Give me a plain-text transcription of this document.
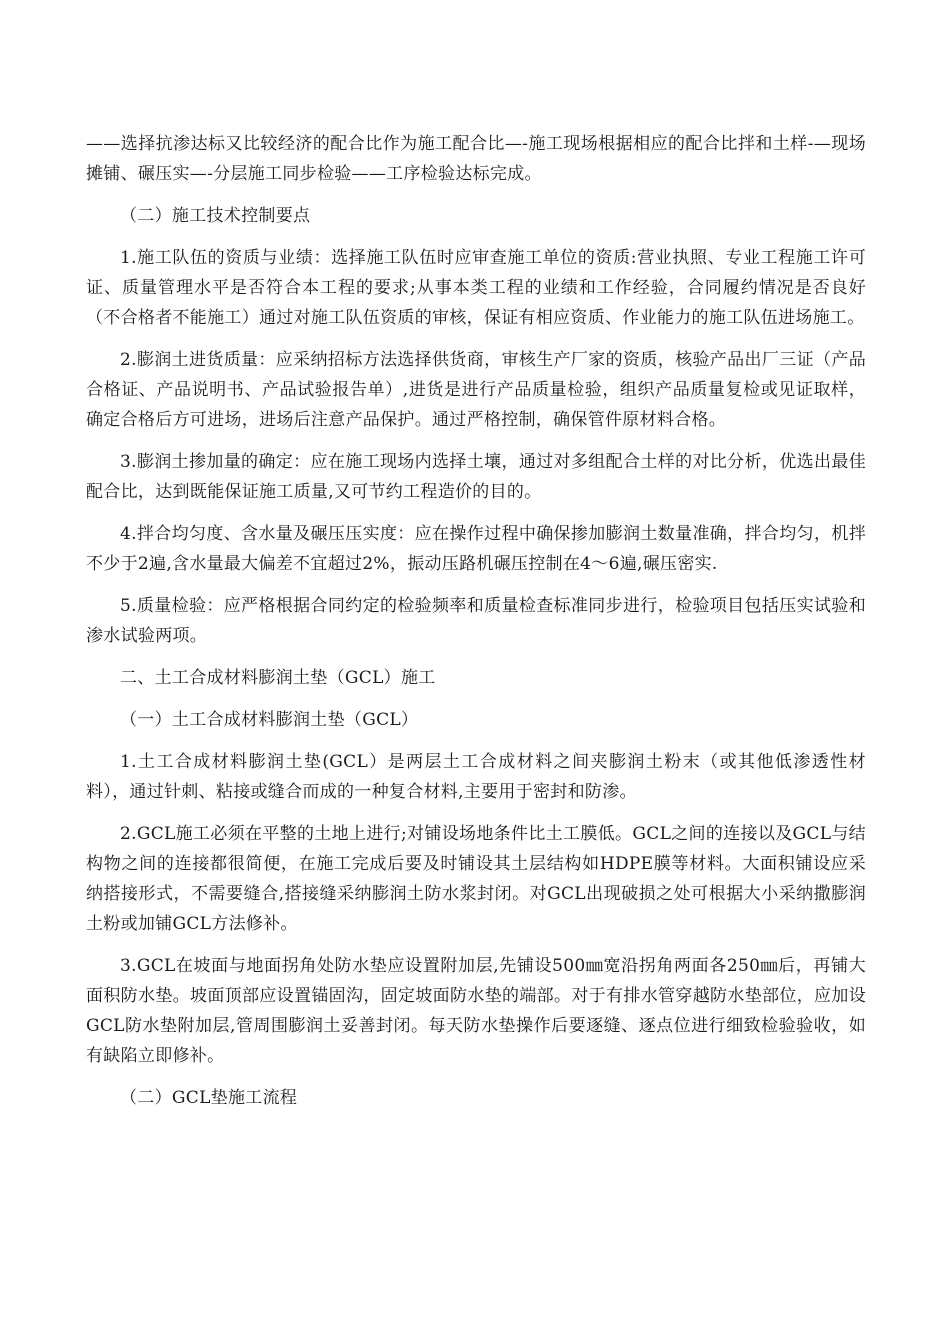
——选择抗渗达标又比较经济的配合比作为施工配合比—-施工现场根据相应的配合比拌和土样-—现场摊铺、碾压实—-分层施工同步检验——工序检验达标完成。

（二）施工技术控制要点

1.施工队伍的资质与业绩：选择施工队伍时应审查施工单位的资质:营业执照、专业工程施工许可证、质量管理水平是否符合本工程的要求;从事本类工程的业绩和工作经验，合同履约情况是否良好（不合格者不能施工）通过对施工队伍资质的审核，保证有相应资质、作业能力的施工队伍进场施工。

2.膨润土进货质量：应采纳招标方法选择供货商，审核生产厂家的资质，核验产品出厂三证（产品合格证、产品说明书、产品试验报告单）,进货是进行产品质量检验，组织产品质量复检或见证取样，确定合格后方可进场，进场后注意产品保护。通过严格控制，确保管件原材料合格。

3.膨润土掺加量的确定：应在施工现场内选择土壤，通过对多组配合土样的对比分析，优选出最佳配合比，达到既能保证施工质量,又可节约工程造价的目的。

4.拌合均匀度、含水量及碾压压实度：应在操作过程中确保掺加膨润土数量准确，拌合均匀，机拌不少于2遍,含水量最大偏差不宜超过2%，振动压路机碾压控制在4～6遍,碾压密实.

5.质量检验：应严格根据合同约定的检验频率和质量检查标准同步进行，检验项目包括压实试验和渗水试验两项。

二、土工合成材料膨润土垫（GCL）施工

（一）土工合成材料膨润土垫（GCL）

1.土工合成材料膨润土垫(GCL）是两层土工合成材料之间夹膨润土粉末（或其他低渗透性材料），通过针刺、粘接或缝合而成的一种复合材料,主要用于密封和防渗。

2.GCL施工必须在平整的土地上进行;对铺设场地条件比土工膜低。GCL之间的连接以及GCL与结构物之间的连接都很简便，在施工完成后要及时铺设其土层结构如HDPE膜等材料。大面积铺设应采纳搭接形式，不需要缝合,搭接缝采纳膨润土防水浆封闭。对GCL出现破损之处可根据大小采纳撒膨润土粉或加铺GCL方法修补。

3.GCL在坡面与地面拐角处防水垫应设置附加层,先铺设500㎜宽沿拐角两面各250㎜后，再铺大面积防水垫。坡面顶部应设置锚固沟，固定坡面防水垫的端部。对于有排水管穿越防水垫部位，应加设GCL防水垫附加层,管周围膨润土妥善封闭。每天防水垫操作后要逐缝、逐点位进行细致检验验收，如有缺陷立即修补。

（二）GCL垫施工流程
